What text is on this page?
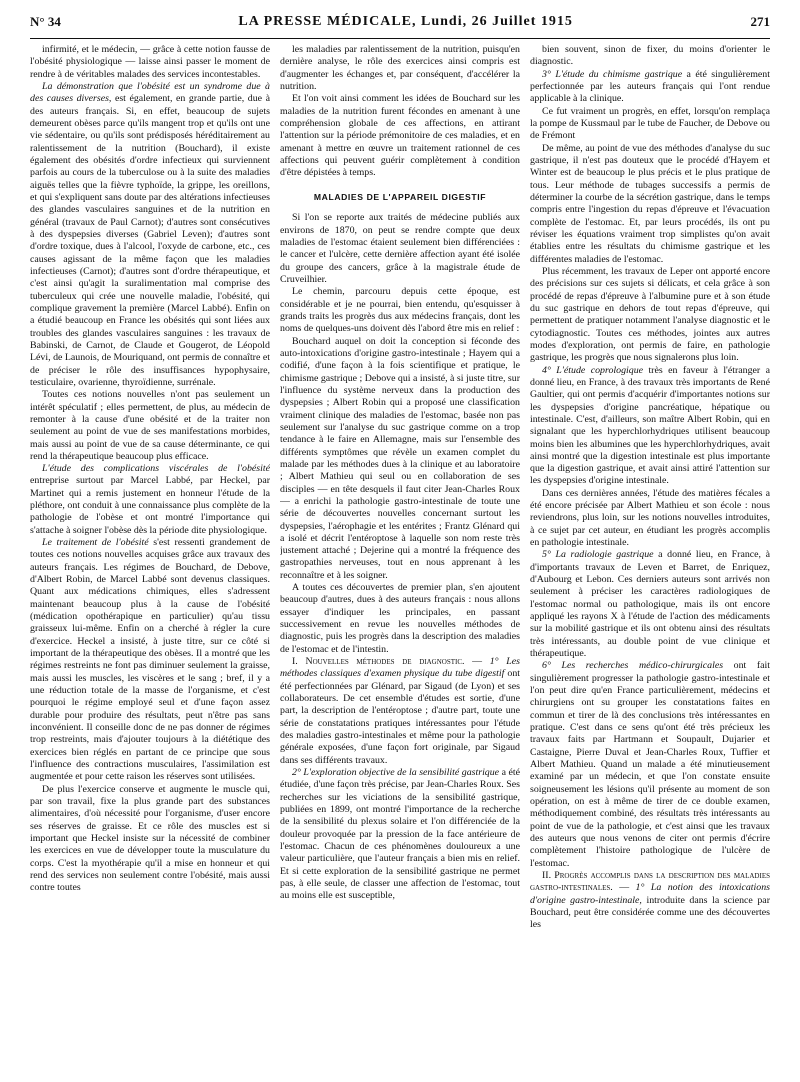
N° 34	LA PRESSE MÉDICALE, Lundi, 26 Juillet 1915	271

infirmité, et le médecin, — grâce à cette notion fausse de l'obésité physiologique — laisse ainsi passer le moment de rendre à de véritables malades des services incontestables.

La démonstration que l'obésité est un syndrome due à des causes diverses, est également, en grande partie, due à des auteurs français. Si, en effet, beaucoup de sujets demeurent obèses parce qu'ils mangent trop et qu'ils ont une vie sédentaire, ou qu'ils sont prédisposés héréditairement au ralentissement de la nutrition (Bouchard), il existe également des obésités d'ordre infectieux qui surviennent parfois au cours de la tuberculose ou à la suite des maladies aiguës telles que la fièvre typhoïde, la grippe, les oreillons, et qui s'expliquent sans doute par des altérations infectieuses des glandes vasculaires sanguines et de la nutrition en général (travaux de Paul Carnot); d'autres sont consécutives à des dyspepsies diverses (Gabriel Leven); d'autres sont d'ordre toxique, dues à l'alcool, l'oxyde de carbone, etc., ces causes agissant de la même façon que les maladies infectieuses (Carnot); d'autres sont d'ordre thérapeutique, et c'est ainsi qu'agit la suralimentation mal comprise des tuberculeux qui crée une nouvelle maladie, l'obésité, qui complique gravement la première (Marcel Labbé). Enfin on a étudié beaucoup en France les obésités qui sont liées aux troubles des glandes vasculaires sanguines : les travaux de Babinski, de Carnot, de Claude et Gougerot, de Léopold Lévi, de Launois, de Mouriquand, ont permis de connaître et de préciser le rôle des insuffisances hypophysaire, testiculaire, ovarienne, thyroïdienne, surrénale.

Toutes ces notions nouvelles n'ont pas seulement un intérêt spéculatif ; elles permettent, de plus, au médecin de remonter à la cause d'une obésité et de la traiter non seulement au point de vue de ses manifestations morbides, mais aussi au point de vue de sa cause déterminante, ce qui rend la thérapeutique beaucoup plus efficace.

L'étude des complications viscérales de l'obésité entreprise surtout par Marcel Labbé, par Heckel, par Martinet qui a remis justement en honneur l'étude de la pléthore, ont conduit à une connaissance plus complète de la pathologie de l'obèse et ont montré l'importance qui s'attache à soigner l'obèse dès la période dite physiologique.

Le traitement de l'obésité s'est ressenti grandement de toutes ces notions nouvelles acquises grâce aux travaux des auteurs français. Les régimes de Bouchard, de Debove, d'Albert Robin, de Marcel Labbé sont devenus classiques. Quant aux médications chimiques, elles s'adressent maintenant beaucoup plus à la cause de l'obésité (médication opothérapique en particulier) qu'au tissu graisseux lui-même. Enfin on a cherché à régler la cure d'exercice. Heckel a insisté, à juste titre, sur ce côté si important de la thérapeutique des obèses. Il a montré que les régimes restreints ne font pas diminuer seulement la graisse, mais aussi les muscles, les viscères et le sang ; bref, il y a une réduction totale de la masse de l'organisme, et c'est pourquoi le régime employé seul et d'une façon assez durable pour produire des résultats, peut n'être pas sans inconvénient. Il conseille donc de ne pas donner de régimes trop restreints, mais d'ajouter toujours à la diététique des exercices bien réglés en partant de ce principe que sous l'influence des contractions musculaires, l'assimilation est augmentée et pour cette raison les réserves sont utilisées.

De plus l'exercice conserve et augmente le muscle qui, par son travail, fixe la plus grande part des substances alimentaires, d'où nécessité pour l'organisme, d'user encore ses réserves de graisse. Et ce rôle des muscles est si important que Heckel insiste sur la nécessité de combiner les exercices en vue de développer toute la musculature du corps. C'est la myothérapie qu'il a mise en honneur et qui rend des services non seulement contre l'obésité, mais aussi contre toutes

les maladies par ralentissement de la nutrition, puisqu'en dernière analyse, le rôle des exercices ainsi compris est d'augmenter les échanges et, par conséquent, d'accélérer la nutrition.

Et l'on voit ainsi comment les idées de Bouchard sur les maladies de la nutrition furent fécondes en amenant à une compréhension globale de ces affections, en attirant l'attention sur la période prémonitoire de ces maladies, et en amenant à mettre en œuvre un traitement rationnel de ces affections qui peuvent guérir complètement à condition d'être dépistées à temps.

MALADIES DE L'APPAREIL DIGESTIF

Si l'on se reporte aux traités de médecine publiés aux environs de 1870, on peut se rendre compte que deux maladies de l'estomac étaient seulement bien différenciées : le cancer et l'ulcère, cette dernière affection ayant été isolée du groupe des cancers, grâce à la magistrale étude de Cruveilhier.

Le chemin, parcouru depuis cette époque, est considérable et je ne pourrai, bien entendu, qu'esquisser à grands traits les progrès dus aux médecins français, dont les noms de quelques-uns doivent dès l'abord être mis en relief :

Bouchard auquel on doit la conception si féconde des auto-intoxications d'origine gastro-intestinale ; Hayem qui a codifié, d'une façon à la fois scientifique et pratique, le chimisme gastrique ; Debove qui a insisté, à si juste titre, sur l'influence du système nerveux dans la production des dyspepsies ; Albert Robin qui a proposé une classification vraiment clinique des maladies de l'estomac, basée non pas seulement sur l'analyse du suc gastrique comme on a trop tendance à le faire en Allemagne, mais sur l'ensemble des différents symptômes que révèle un examen complet du malade par les méthodes dues à la clinique et au laboratoire ; Albert Mathieu qui seul ou en collaboration de ses disciples — en tête desquels il faut citer Jean-Charles Roux — a enrichi la pathologie gastro-intestinale de toute une série de découvertes nouvelles concernant surtout les dyspepsies, l'aérophagie et les entérites ; Frantz Glénard qui a isolé et décrit l'entéroptose à laquelle son nom reste très justement attaché ; Dejerine qui a montré la fréquence des gastropathies nerveuses, tout en nous apprenant à les reconnaître et à les soigner.

A toutes ces découvertes de premier plan, s'en ajoutent beaucoup d'autres, dues à des auteurs français : nous allons essayer d'indiquer les principales, en passant successivement en revue les nouvelles méthodes de diagnostic, puis les progrès dans la description des maladies de l'estomac et de l'intestin.

I. Nouvelles méthodes de diagnostic. — 1° Les méthodes classiques d'examen physique du tube digestif ont été perfectionnées par Glénard, par Sigaud (de Lyon) et ses collaborateurs. De cet ensemble d'études est sortie, d'une part, la description de l'entéroptose ; d'autre part, toute une série de constatations pratiques intéressantes pour l'étude des maladies gastro-intestinales et même pour la pathologie générale exposées, d'une façon fort originale, par Sigaud dans ses différents travaux.

2° L'exploration objective de la sensibilité gastrique a été étudiée, d'une façon très précise, par Jean-Charles Roux. Ses recherches sur les viciations de la sensibilité gastrique, publiées en 1899, ont montré l'importance de la recherche de la sensibilité du plexus solaire et l'on différenciée de la douleur provoquée par la pression de la face antérieure de l'estomac. Chacun de ces phénomènes douloureux a une valeur particulière, que l'auteur français a bien mis en relief. Et si cette exploration de la sensibilité gastrique ne permet pas, à elle seule, de classer une affection de l'estomac, tout au moins elle est susceptible,

bien souvent, sinon de fixer, du moins d'orienter le diagnostic.

3° L'étude du chimisme gastrique a été singulièrement perfectionnée par les auteurs français qui l'ont rendue applicable à la clinique.

Ce fut vraiment un progrès, en effet, lorsqu'on remplaça la pompe de Kussmaul par le tube de Faucher, de Debove ou de Frémont

De même, au point de vue des méthodes d'analyse du suc gastrique, il n'est pas douteux que le procédé d'Hayem et Winter est de beaucoup le plus précis et le plus pratique de tous. Leur méthode de tubages successifs a permis de déterminer la courbe de la sécrétion gastrique, dans le temps compris entre l'ingestion du repas d'épreuve et l'évacuation complète de l'estomac. Et, par leurs procédés, ils ont pu réviser les équations vraiment trop simplistes qu'on avait établies entre les résultats du chimisme gastrique et les différentes maladies de l'estomac.

Plus récemment, les travaux de Leper ont apporté encore des précisions sur ces sujets si délicats, et cela grâce à son procédé de repas d'épreuve à l'albumine pure et à son étude du suc gastrique en dehors de tout repas d'épreuve, qui permettent de pratiquer notamment l'analyse diagnostic et le cytodiagnostic. Toutes ces méthodes, jointes aux autres modes d'exploration, ont permis de faire, en pathologie gastrique, les progrès que nous signalerons plus loin.

4° L'étude coprologique très en faveur à l'étranger a donné lieu, en France, à des travaux très importants de René Gaultier, qui ont permis d'acquérir d'importantes notions sur les dyspepsies d'origine pancréatique, hépatique ou intestinale. C'est, d'ailleurs, son maître Albert Robin, qui en signalant que les hyperchlorhydriques utilisent beaucoup moins bien les albumines que les hyperchlorhydriques, avait ainsi montré que la digestion intestinale est plus importante que la digestion gastrique, et avait ainsi attiré l'attention sur les dyspepsies d'origine intestinale.

Dans ces dernières années, l'étude des matières fécales a été encore précisée par Albert Mathieu et son école : nous reviendrons, plus loin, sur les notions nouvelles introduites, à ce sujet par cet auteur, en étudiant les progrès accomplis en pathologie intestinale.

5° La radiologie gastrique a donné lieu, en France, à d'importants travaux de Leven et Barret, de Enriquez, d'Aubourg et Lebon. Ces derniers auteurs sont arrivés non seulement à préciser les caractères radiologiques de l'estomac normal ou pathologique, mais ils ont encore appliqué les rayons X à l'étude de l'action des médicaments sur la mobilité gastrique et ils ont obtenu ainsi des résultats très intéressants, au double point de vue clinique et thérapeutique.

6° Les recherches médico-chirurgicales ont fait singulièrement progresser la pathologie gastro-intestinale et l'on peut dire qu'en France particulièrement, médecins et chirurgiens ont su grouper les constatations faites en commun et tirer de là des conclusions très intéressantes en pratique. C'est dans ce sens qu'ont été très précieux les travaux faits par Hartmann et Soupault, Dujarier et Castaigne, Pierre Duval et Jean-Charles Roux, Tuffier et Albert Mathieu. Quand un malade a été minutieusement examiné par un médecin, et que l'on constate ensuite soigneusement les lésions qu'il présente au moment de son opération, on est à même de tirer de ce double examen, méthodiquement combiné, des résultats très intéressants au point de vue de la pathologie, et c'est ainsi que les travaux des auteurs que nous venons de citer ont permis d'écrire complètement l'histoire pathologique de l'ulcère de l'estomac.

II. Progrès accomplis dans la description des maladies gastro-intestinales. — 1° La notion des intoxications d'origine gastro-intestinale, introduite dans la science par Bouchard, peut être considérée comme une des découvertes les
